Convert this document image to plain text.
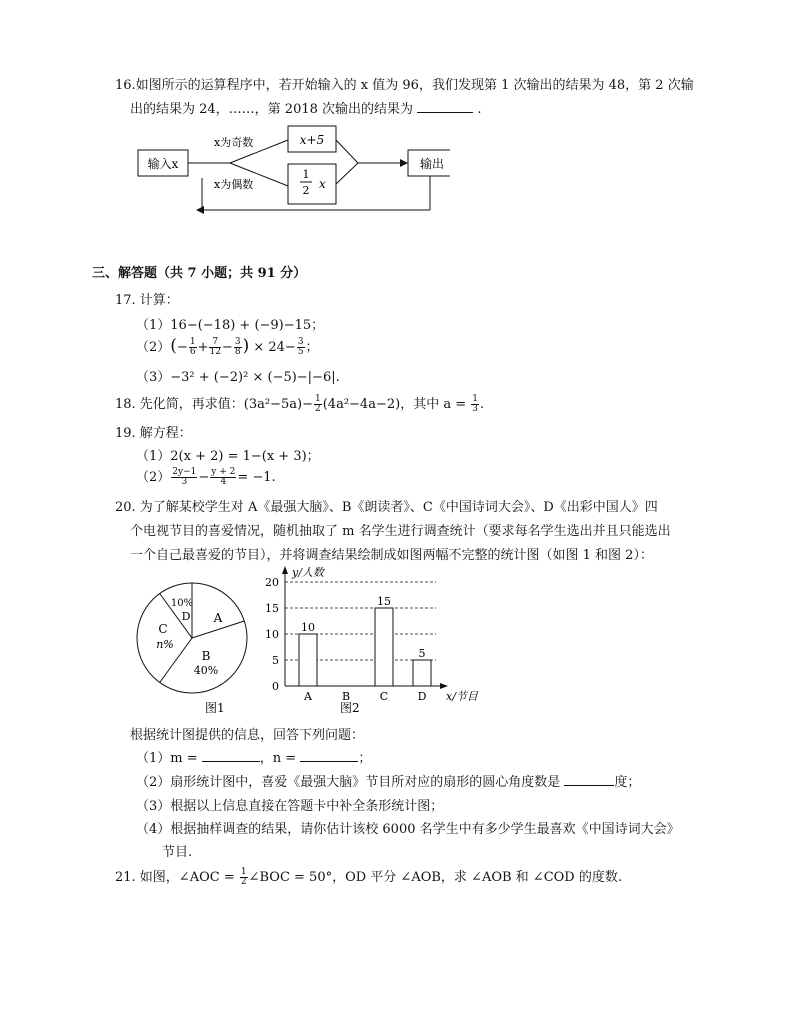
16.如图所示的运算程序中，若开始输入的 x 值为 96，我们发现第 1 次输出的结果为 48，第 2 次输
出的结果为 24，……，第 2018 次输出的结果为	.
输入x
x为奇数
x为偶数
x+5
1
2 x
输出
三、解答题（共 7 小题；共 91 分）
17. 计算：
（1）16−(−18) + (−9)−15；
$(2)(- \frac{1}{6} + \frac{7}{12} - \frac{3}{8}$ ) × $24- \frac{3}{5}$ ；
（3）−3² + (−2)² × (−5)−|−6|.
18. 先化简，再求值：$(3a^2-5a)- \frac{1}{2} (4a^2-4a-2)$，其中 $a = \frac{1}{3}$ .
19. 解方程：
（1）2(x + 2) = 1−(x + 3)；
$(2) \frac{2y-1}{3} - \frac{y + 2}{4} = -1$.
20. 为了解某校学生对 A《最强大脑》、B《朗读者》、C《中国诗词大会》、D《出彩中国人》四
个电视节目的喜爱情况，随机抽取了 m 名学生进行调查统计（要求每名学生选出并且只能选出
一个自己最喜爱的节目），并将调查结果绘制成如图两幅不完整的统计图（如图 1 和图 2）：
A
B
40%
C
n%
10%
D
图1
10
15
5
0
5
10
15
20
A	B	C	D
y/人数
x/节目
图2
根据统计图提供的信息，回答下列问题：
（1）m =	，n =	；
（2）扇形统计图中，喜爱《最强大脑》节目所对应的扇形的圆心角度数是	度；
（3）根据以上信息直接在答题卡中补全条形统计图；
（4）根据抽样调查的结果，请你估计该校 6000 名学生中有多少学生最喜欢《中国诗词大会》
节目.
21. 如图，∠AOC = $\frac{1}{2}$ ∠BOC = 50°，OD 平分 ∠AOB，求 ∠AOB 和 ∠COD 的度数.
